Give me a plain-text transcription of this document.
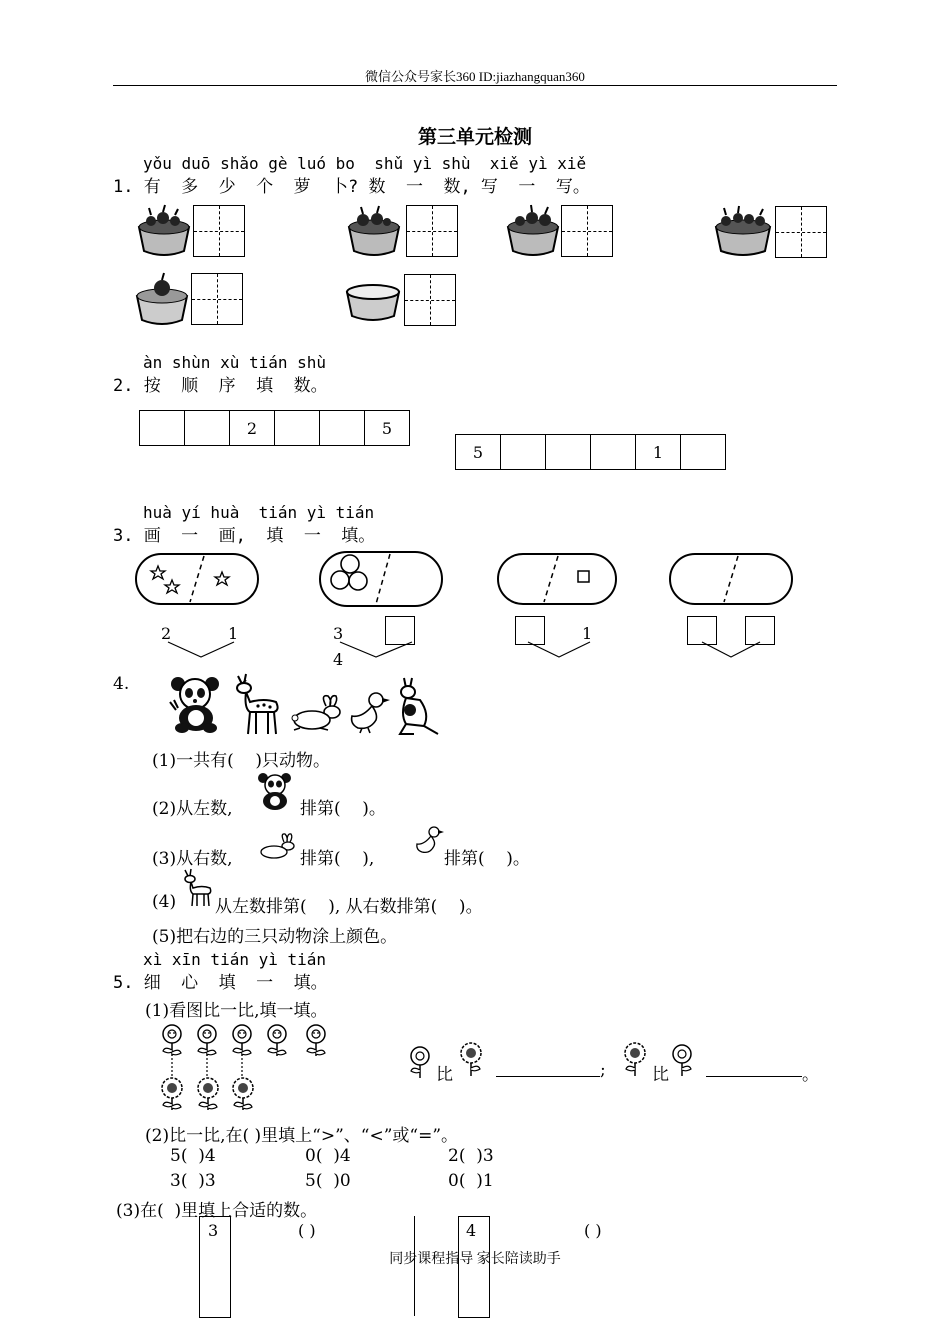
微信公众号家长360 ID:jiazhangquan360
第三单元检测
yǒu duō shǎo gè luó bo  shǔ yì shù  xiě yì xiě
1. 有  多  少  个  萝  卜? 数  一  数, 写  一  写。
àn shùn xù tián shù
2. 按  顺  序  填  数。
		2			5
5				1	
huà yí huà  tián yì tián
3. 画  一  画,  填  一  填。
2	1	3
4
1
4.
(1)一共有(    )只动物。
(2)从左数,	排第(    )。
(3)从右数,	排第(    ),	排第(    )。
(4) 从左数排第(    ), 从右数排第(    )。
(5)把右边的三只动物涂上颜色。
xì xīn tián yì tián
5. 细  心  填  一  填。
(1)看图比一比,填一填。
比	;	比	。
(2)比一比,在( )里填上“>”、“<”或“=”。
5(  )4	0(  )4	2(  )3
3(  )3	5(  )0	0(  )1
(3)在(  )里填上合适的数。
3	( )	4	( )
同步课程指导 家长陪读助手
